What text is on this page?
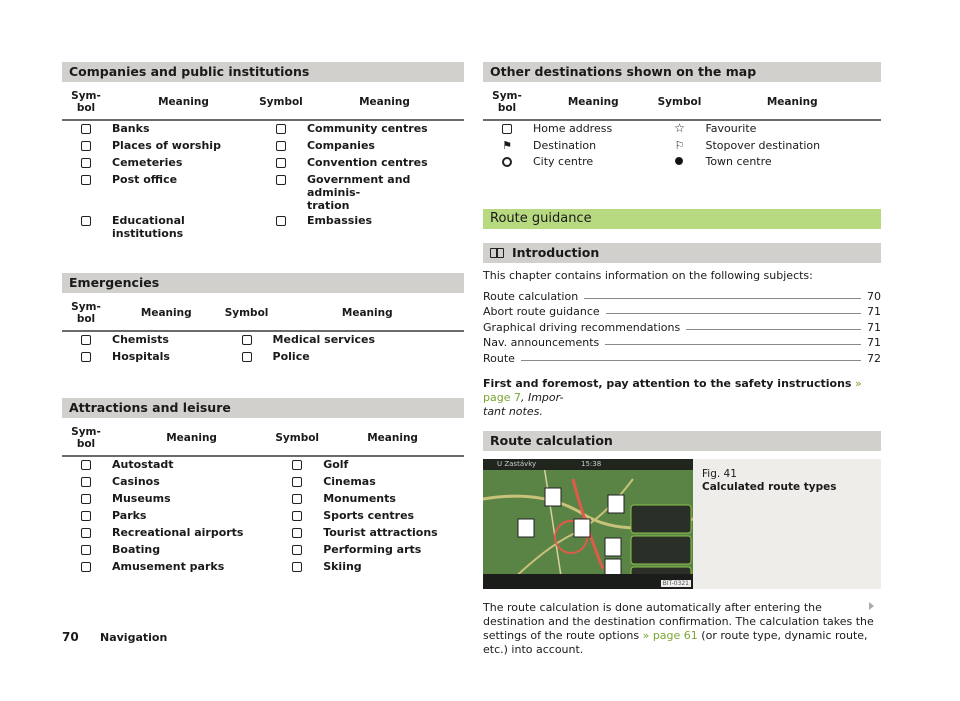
Companies and public institutions
Sym-
bol	Meaning	Symbol	Meaning
	Banks		Community centres
	Places of worship		Companies
	Cemeteries		Convention centres
	Post office		Government and adminis-
tration
	Educational institutions		Embassies
Emergencies
Sym-
bol	Meaning	Symbol	Meaning
	Chemists		Medical services
	Hospitals		Police
Attractions and leisure
Sym-
bol	Meaning	Symbol	Meaning
	Autostadt		Golf
	Casinos		Cinemas
	Museums		Monuments
	Parks		Sports centres
	Recreational airports		Tourist attractions
	Boating		Performing arts
	Amusement parks		Skiing
Other destinations shown on the map
Sym-
bol	Meaning	Symbol	Meaning
	Home address	☆	Favourite
⚑	Destination	⚐	Stopover destination
	City centre		Town centre
Route guidance
Introduction

This chapter contains information on the following subjects:

Route calculation	70
Abort route guidance	71
Graphical driving recommendations	71
Nav. announcements	71
Route	72

First and foremost, pay attention to the safety instructions » page 7, Impor-
tant notes.

Route calculation
U Zastávky	15:38
BIT-0321
Fig. 41
Calculated route types

The route calculation is done automatically after entering the destination and the destination confirmation. The calculation takes the settings of the route options » page 61 (or route type, dynamic route, etc.) into account.

70 Navigation
